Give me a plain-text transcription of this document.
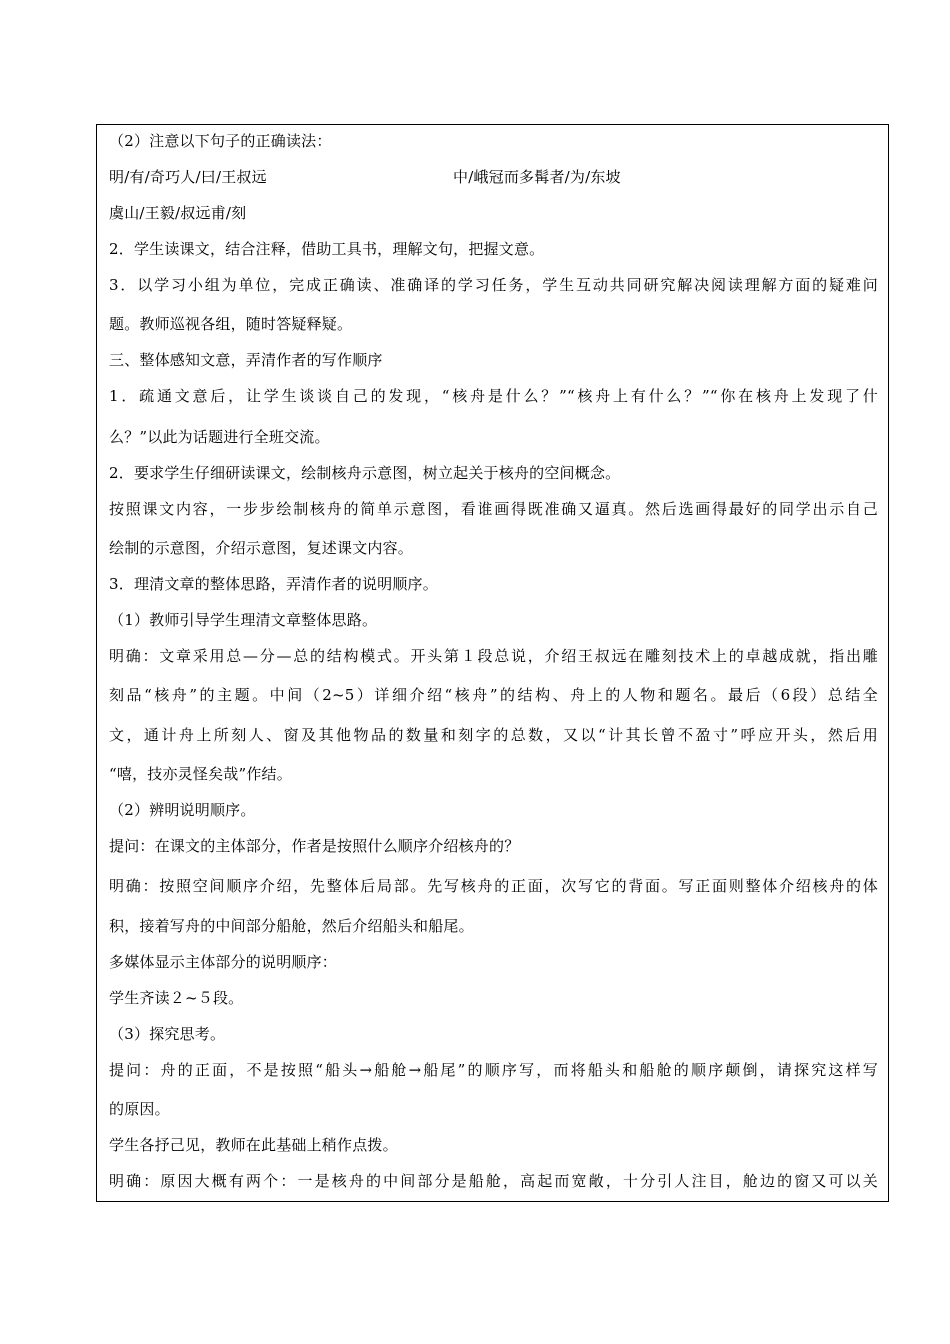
（2）注意以下句子的正确读法：
明/有/奇巧人/曰/王叔远	中/峨冠而多髯者/为/东坡
虞山/王毅/叔远甫/刻
2．学生读课文，结合注释，借助工具书，理解文句，把握文意。
3．以学习小组为单位，完成正确读、准确译的学习任务，学生互动共同研究解决阅读理解方面的疑难问
题。教师巡视各组，随时答疑释疑。
三、整体感知文意，弄清作者的写作顺序
1．疏通文意后，让学生谈谈自己的发现，“核舟是什么？”“核舟上有什么？”“你在核舟上发现了什
么？”以此为话题进行全班交流。
2．要求学生仔细研读课文，绘制核舟示意图，树立起关于核舟的空间概念。
按照课文内容，一步步绘制核舟的简单示意图，看谁画得既准确又逼真。然后选画得最好的同学出示自己
绘制的示意图，介绍示意图，复述课文内容。
3．理清文章的整体思路，弄清作者的说明顺序。
（1）教师引导学生理清文章整体思路。
明确：文章采用总—分—总的结构模式。开头第１段总说，介绍王叔远在雕刻技术上的卓越成就，指出雕
刻品“核舟”的主题。中间（2~5）详细介绍“核舟”的结构、舟上的人物和题名。最后（6段）总结全
文，通计舟上所刻人、窗及其他物品的数量和刻字的总数，又以“计其长曾不盈寸”呼应开头，然后用
“嘻，技亦灵怪矣哉”作结。
（2）辨明说明顺序。
提问：在课文的主体部分，作者是按照什么顺序介绍核舟的？
明确：按照空间顺序介绍，先整体后局部。先写核舟的正面，次写它的背面。写正面则整体介绍核舟的体
积，接着写舟的中间部分船舱，然后介绍船头和船尾。
多媒体显示主体部分的说明顺序：
学生齐读２~５段。
（3）探究思考。
提问：舟的正面，不是按照“船头→船舱→船尾”的顺序写，而将船头和船舱的顺序颠倒，请探究这样写
的原因。
学生各抒己见，教师在此基础上稍作点拨。
明确：原因大概有两个：一是核舟的中间部分是船舱，高起而宽敞，十分引人注目，舱边的窗又可以关
